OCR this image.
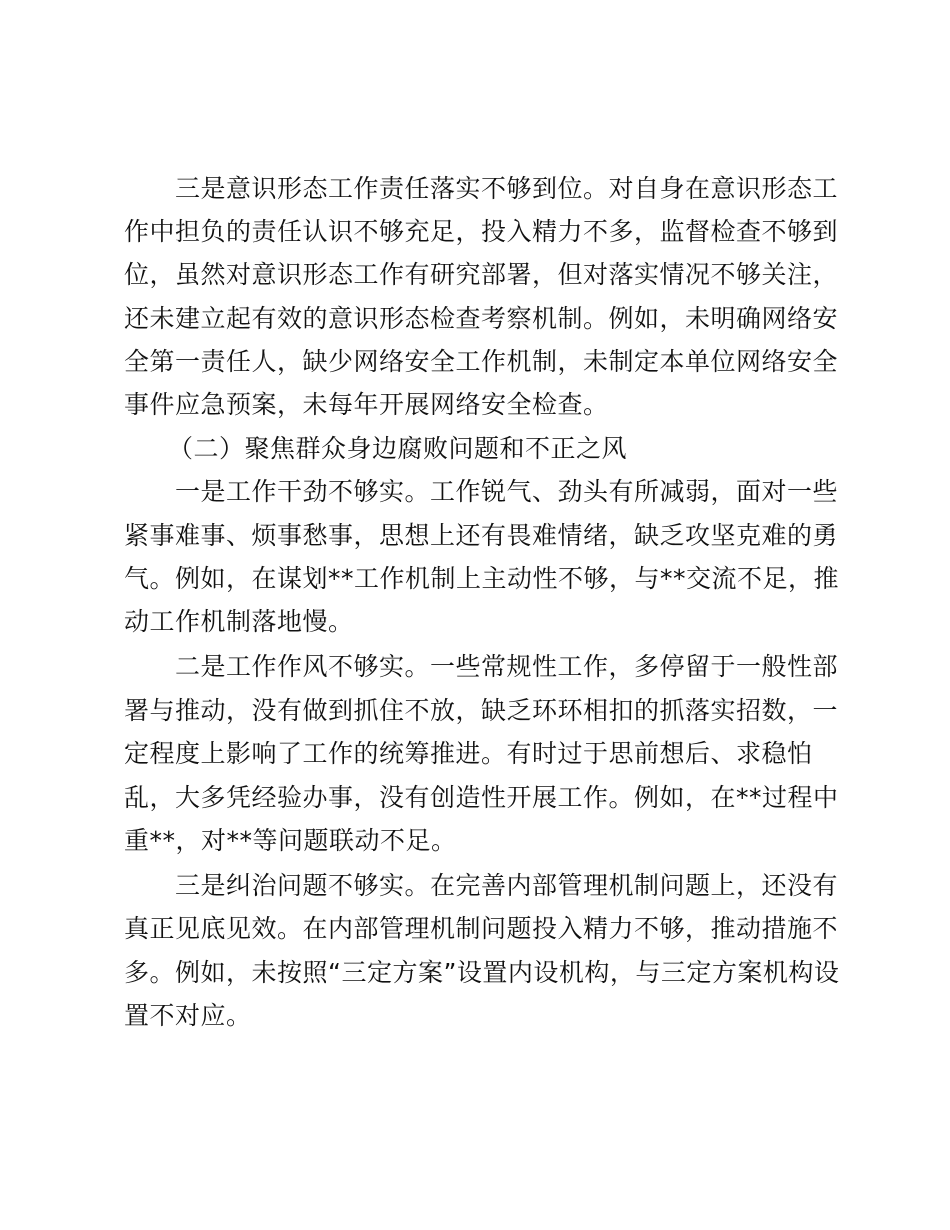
三是意识形态工作责任落实不够到位。对自身在意识形态工
作中担负的责任认识不够充足，投入精力不多，监督检查不够到
位，虽然对意识形态工作有研究部署，但对落实情况不够关注，
还未建立起有效的意识形态检查考察机制。例如，未明确网络安
全第一责任人，缺少网络安全工作机制，未制定本单位网络安全
事件应急预案，未每年开展网络安全检查。
（二）聚焦群众身边腐败问题和不正之风
一是工作干劲不够实。工作锐气、劲头有所减弱，面对一些
紧事难事、烦事愁事，思想上还有畏难情绪，缺乏攻坚克难的勇
气。例如，在谋划**工作机制上主动性不够，与**交流不足，推
动工作机制落地慢。
二是工作作风不够实。一些常规性工作，多停留于一般性部
署与推动，没有做到抓住不放，缺乏环环相扣的抓落实招数，一
定程度上影响了工作的统筹推进。有时过于思前想后、求稳怕
乱，大多凭经验办事，没有创造性开展工作。例如，在**过程中
重**，对**等问题联动不足。
三是纠治问题不够实。在完善内部管理机制问题上，还没有
真正见底见效。在内部管理机制问题投入精力不够，推动措施不
多。例如，未按照“三定方案”设置内设机构，与三定方案机构设
置不对应。
